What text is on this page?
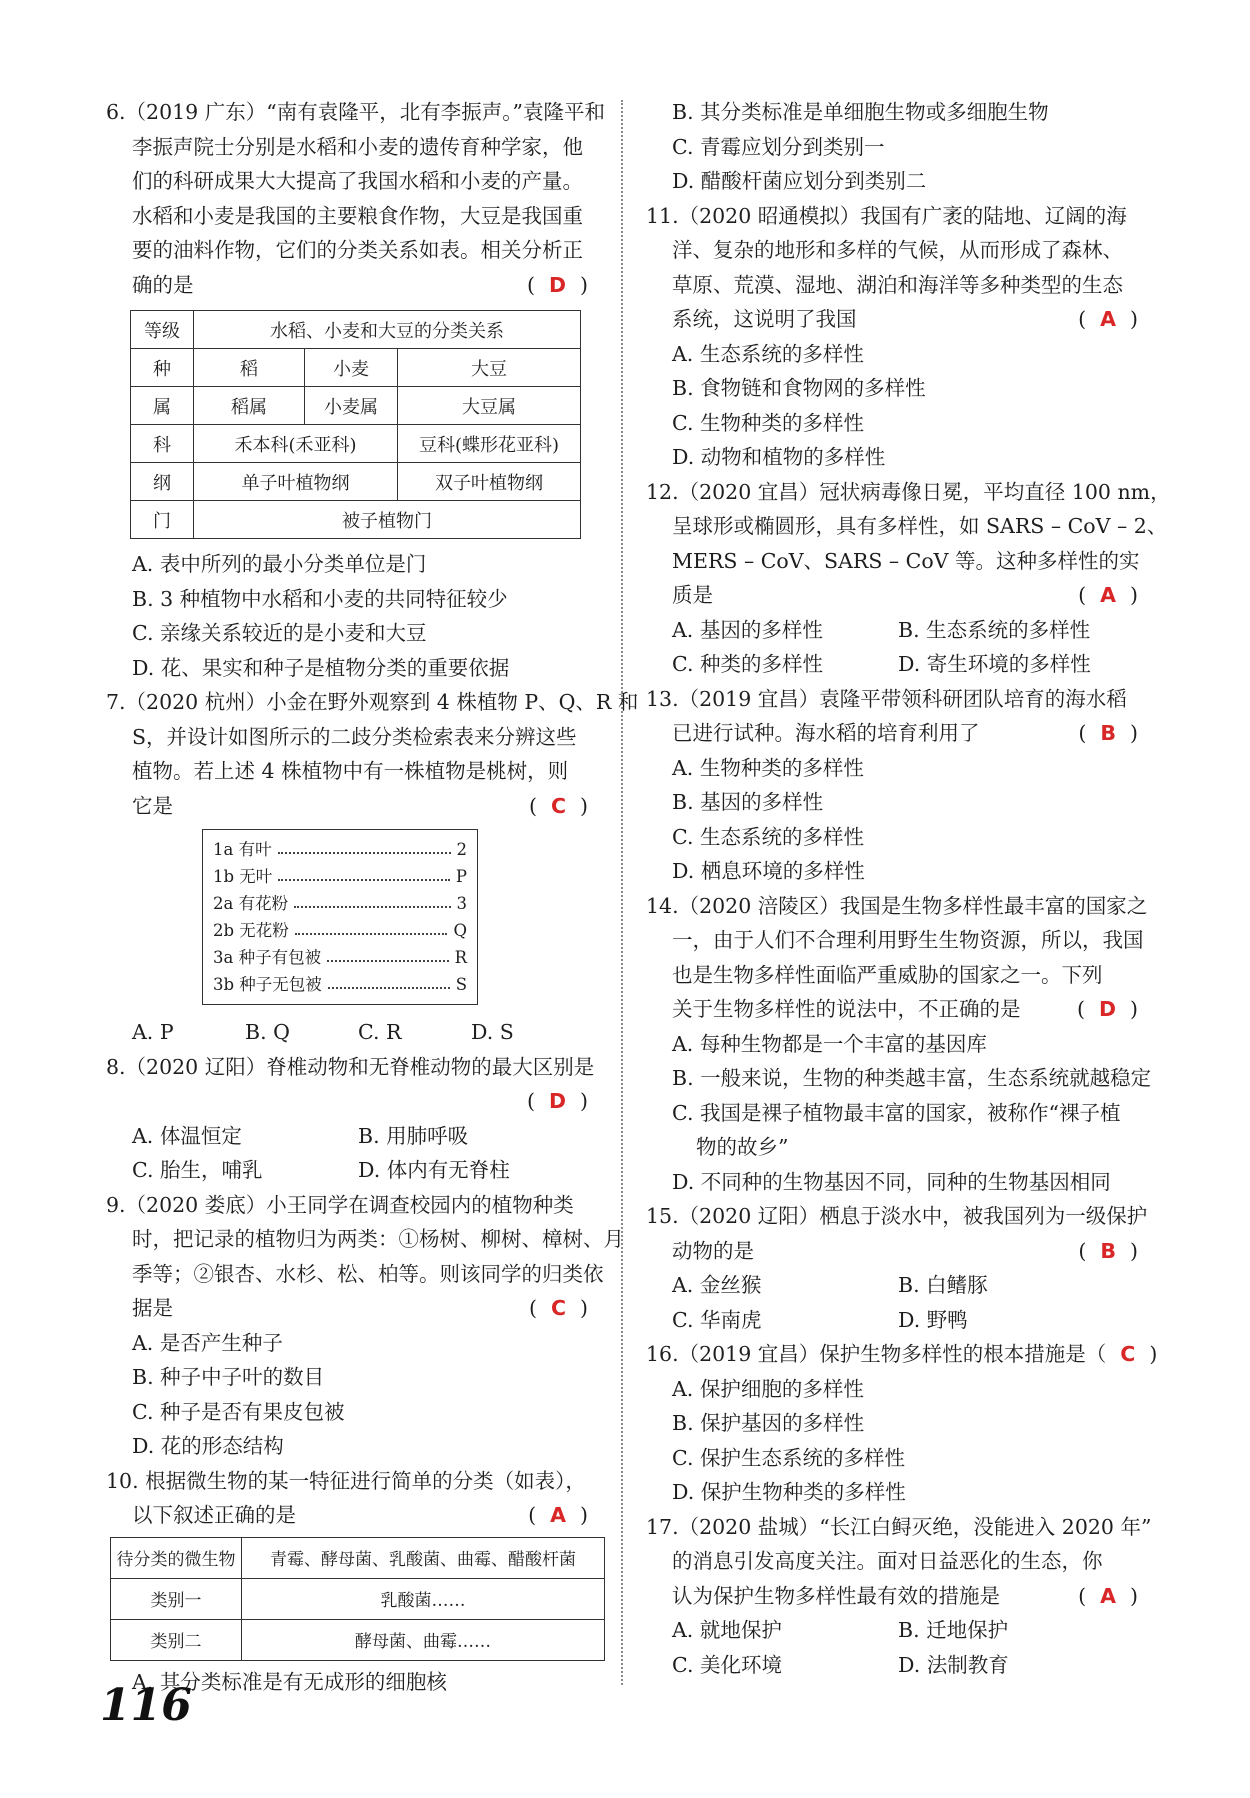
6.（2019 广东）“南有袁隆平，北有李振声。”袁隆平和
李振声院士分别是水稻和小麦的遗传育种学家，他
们的科研成果大大提高了我国水稻和小麦的产量。
水稻和小麦是我国的主要粮食作物，大豆是我国重
要的油料作物，它们的分类关系如表。相关分析正
确的是	( D )
等级	水稻、小麦和大豆的分类关系		
种	稻	小麦	大豆
属	稻属	小麦属	大豆属
科	禾本科(禾亚科)		豆科(蝶形花亚科)
纲	单子叶植物纲		双子叶植物纲
门	被子植物门		
A. 表中所列的最小分类单位是门
B. 3 种植物中水稻和小麦的共同特征较少
C. 亲缘关系较近的是小麦和大豆
D. 花、果实和种子是植物分类的重要依据
7.（2020 杭州）小金在野外观察到 4 株植物 P、Q、R 和
S，并设计如图所示的二歧分类检索表来分辨这些
植物。若上述 4 株植物中有一株植物是桃树，则
它是	( C )
1a 有叶	2
1b 无叶	P
2a 有花粉	3
2b 无花粉	Q
3a 种子有包被	R
3b 种子无包被	S
A. P	B. Q	C. R	D. S
8.（2020 辽阳）脊椎动物和无脊椎动物的最大区别是
( D )
A. 体温恒定	B. 用肺呼吸
C. 胎生，哺乳	D. 体内有无脊柱
9.（2020 娄底）小王同学在调查校园内的植物种类
时，把记录的植物归为两类：①杨树、柳树、樟树、月
季等；②银杏、水杉、松、柏等。则该同学的归类依
据是	( C )
A. 是否产生种子
B. 种子中子叶的数目
C. 种子是否有果皮包被
D. 花的形态结构
10. 根据微生物的某一特征进行简单的分类（如表），
以下叙述正确的是	( A )
待分类的微生物	青霉、酵母菌、乳酸菌、曲霉、醋酸杆菌
类别一	乳酸菌……
类别二	酵母菌、曲霉……
A. 其分类标准是有无成形的细胞核
B. 其分类标准是单细胞生物或多细胞生物
C. 青霉应划分到类别一
D. 醋酸杆菌应划分到类别二
11.（2020 昭通模拟）我国有广袤的陆地、辽阔的海
洋、复杂的地形和多样的气候，从而形成了森林、
草原、荒漠、湿地、湖泊和海洋等多种类型的生态
系统，这说明了我国	( A )
A. 生态系统的多样性
B. 食物链和食物网的多样性
C. 生物种类的多样性
D. 动物和植物的多样性
12.（2020 宜昌）冠状病毒像日冕，平均直径 100 nm，
呈球形或椭圆形，具有多样性，如 SARS – CoV – 2、
MERS – CoV、SARS – CoV 等。这种多样性的实
质是	( A )
A. 基因的多样性	B. 生态系统的多样性
C. 种类的多样性	D. 寄生环境的多样性
13.（2019 宜昌）袁隆平带领科研团队培育的海水稻
已进行试种。海水稻的培育利用了	( B )
A. 生物种类的多样性
B. 基因的多样性
C. 生态系统的多样性
D. 栖息环境的多样性
14.（2020 涪陵区）我国是生物多样性最丰富的国家之
一，由于人们不合理利用野生生物资源，所以，我国
也是生物多样性面临严重威胁的国家之一。下列
关于生物多样性的说法中，不正确的是	( D )
A. 每种生物都是一个丰富的基因库
B. 一般来说，生物的种类越丰富，生态系统就越稳定
C. 我国是裸子植物最丰富的国家，被称作“裸子植
物的故乡”
D. 不同种的生物基因不同，同种的生物基因相同
15.（2020 辽阳）栖息于淡水中，被我国列为一级保护
动物的是	( B )
A. 金丝猴	B. 白鳍豚
C. 华南虎	D. 野鸭
16.（2019 宜昌）保护生物多样性的根本措施是（ C )
A. 保护细胞的多样性
B. 保护基因的多样性
C. 保护生态系统的多样性
D. 保护生物种类的多样性
17.（2020 盐城）“长江白鲟灭绝，没能进入 2020 年”
的消息引发高度关注。面对日益恶化的生态，你
认为保护生物多样性最有效的措施是	( A )
A. 就地保护	B. 迁地保护
C. 美化环境	D. 法制教育
116
